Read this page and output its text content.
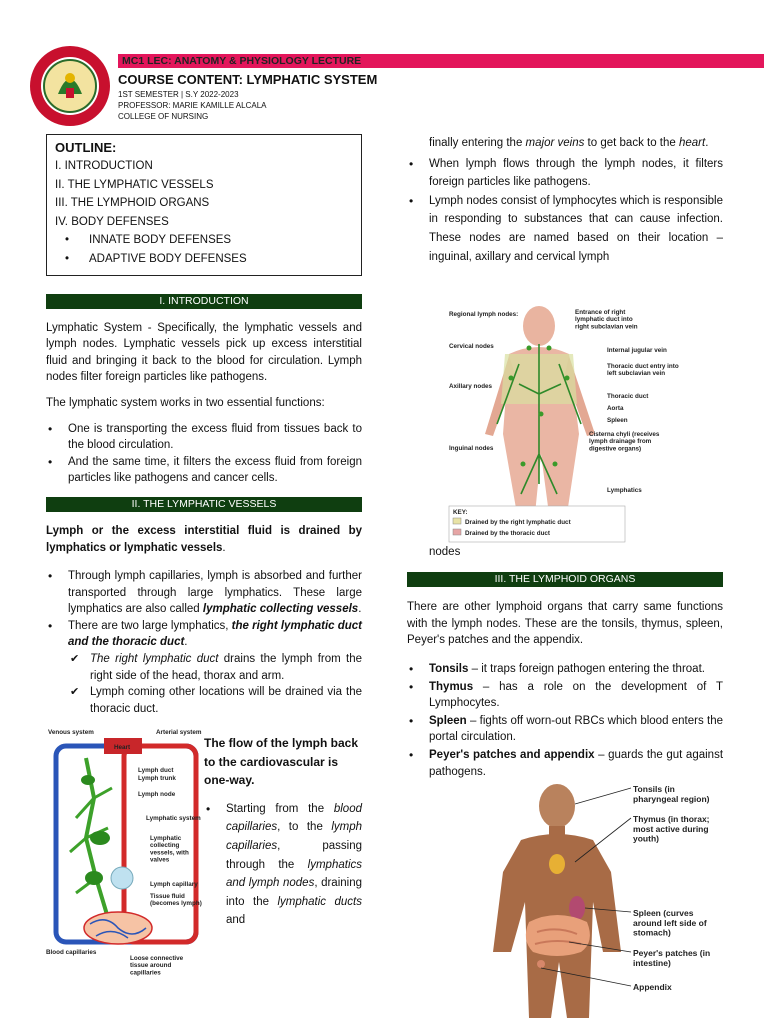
MC1 LEC: ANATOMY & PHYSIOLOGY LECTURE
COURSE CONTENT: LYMPHATIC SYSTEM
1ST SEMESTER | S.Y 2022-2023
PROFESSOR: MARIE KAMILLE ALCALA
COLLEGE OF NURSING
OUTLINE:
I. INTRODUCTION
II. THE LYMPHATIC VESSELS
III. THE LYMPHOID ORGANS
IV. BODY DEFENSES
• INNATE BODY DEFENSES
• ADAPTIVE BODY DEFENSES
I. INTRODUCTION

Lymphatic System - Specifically, the lymphatic vessels and lymph nodes. Lymphatic vessels pick up excess interstitial fluid and bringing it back to the blood for circulation. Lymph nodes filter foreign particles like pathogens.

The lymphatic system works in two essential functions:

• One is transporting the excess fluid from tissues back to the blood circulation.
• And the same time, it filters the excess fluid from foreign particles like pathogens and cancer cells.
II. THE LYMPHATIC VESSELS

Lymph or the excess interstitial fluid is drained by lymphatics or lymphatic vessels.

• Through lymph capillaries, lymph is absorbed and further transported through large lymphatics. These large lymphatics are also called lymphatic collecting vessels.
• There are two large lymphatics, the right lymphatic duct and the thoracic duct.
✔ The right lymphatic duct drains the lymph from the right side of the head, thorax and arm.
✔ Lymph coming other locations will be drained via the thoracic duct.
Heart
Venous system	Arterial system
Lymph duct
Lymph trunk
Lymph node
Lymphatic system
Lymphatic collecting vessels, with valves
Lymph capillary
Tissue fluid (becomes lymph)
Blood capillaries
Loose connective tissue around capillaries
The flow of the lymph back to the cardiovascular is one-way.
• Starting from the blood capillaries, to the lymph capillaries, passing through the lymphatics and lymph nodes, draining into the lymphatic ducts and

finally entering the major veins to get back to the heart.

• When lymph flows through the lymph nodes, it filters foreign particles like pathogens.
• Lymph nodes consist of lymphocytes which is responsible in responding to substances that can cause infection. These nodes are named based on their location – inguinal, axillary and cervical lymph
Regional lymph nodes:
Cervical nodes
Axillary nodes
Inguinal nodes
Entrance of right lymphatic duct into right subclavian vein
Internal jugular vein
Thoracic duct entry into left subclavian vein
Thoracic duct
Aorta
Spleen
Cisterna chyli (receives lymph drainage from digestive organs)
Lymphatics
KEY:
Drained by the right lymphatic duct
Drained by the thoracic duct
nodes
III. THE LYMPHOID ORGANS

There are other lymphoid organs that carry same functions with the lymph nodes. These are the tonsils, thymus, spleen, Peyer's patches and the appendix.

• Tonsils – it traps foreign pathogen entering the throat.
• Thymus – has a role on the development of T Lymphocytes.
• Spleen – fights off worn-out RBCs which blood enters the portal circulation.
• Peyer's patches and appendix – guards the gut against pathogens.
Tonsils (in pharyngeal region)
Thymus (in thorax; most active during youth)
Spleen (curves around left side of stomach)
Peyer's patches (in intestine)
Appendix
